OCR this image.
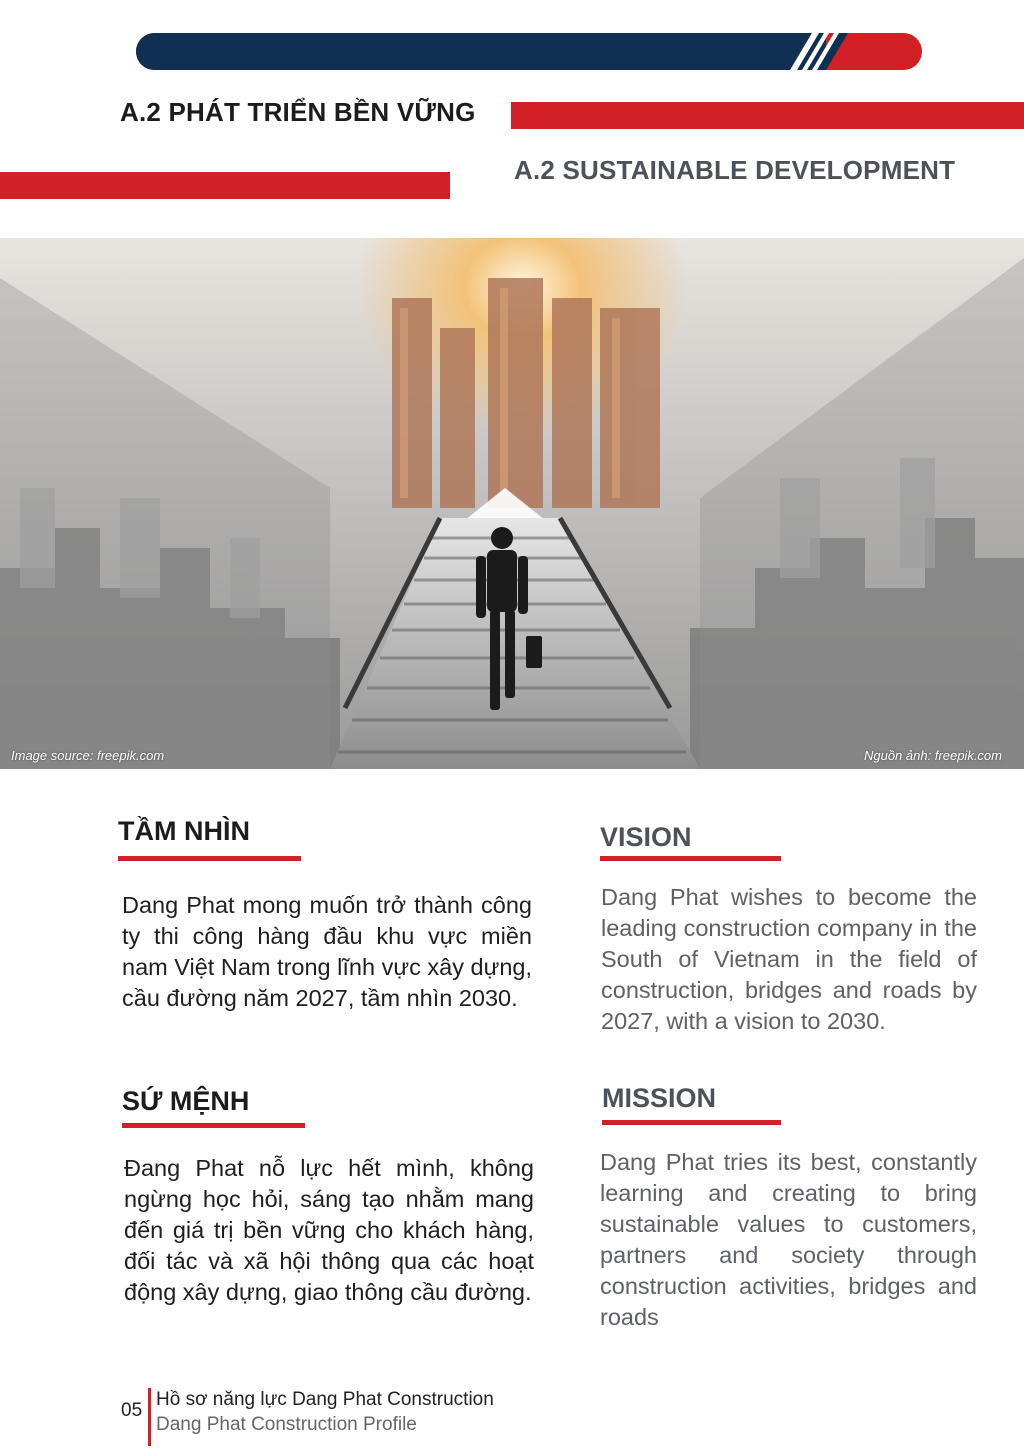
A.2 PHÁT TRIỂN BỀN VỮNG
A.2 SUSTAINABLE DEVELOPMENT
Image source: freepik.com	Nguồn ảnh: freepik.com
TẦM NHÌN
Dang Phat mong muốn trở thành công ty thi công hàng đầu khu vực miền nam Việt Nam trong lĩnh vực xây dựng, cầu đường năm 2027, tầm nhìn 2030.
VISION
Dang Phat wishes to become the leading construction company in the South of Vietnam in the field of construction, bridges and roads by 2027, with a vision to 2030.
SỨ MỆNH
Đang Phat nỗ lực hết mình, không ngừng học hỏi, sáng tạo nhằm mang đến giá trị bền vững cho khách hàng, đối tác và xã hội thông qua các hoạt động xây dựng, giao thông cầu đường.
MISSION
Dang Phat tries its best, constantly learning and creating to bring sustainable values to customers, partners and society through construction activities, bridges and roads
05
Hồ sơ năng lực Dang Phat Construction
Dang Phat Construction Profile
